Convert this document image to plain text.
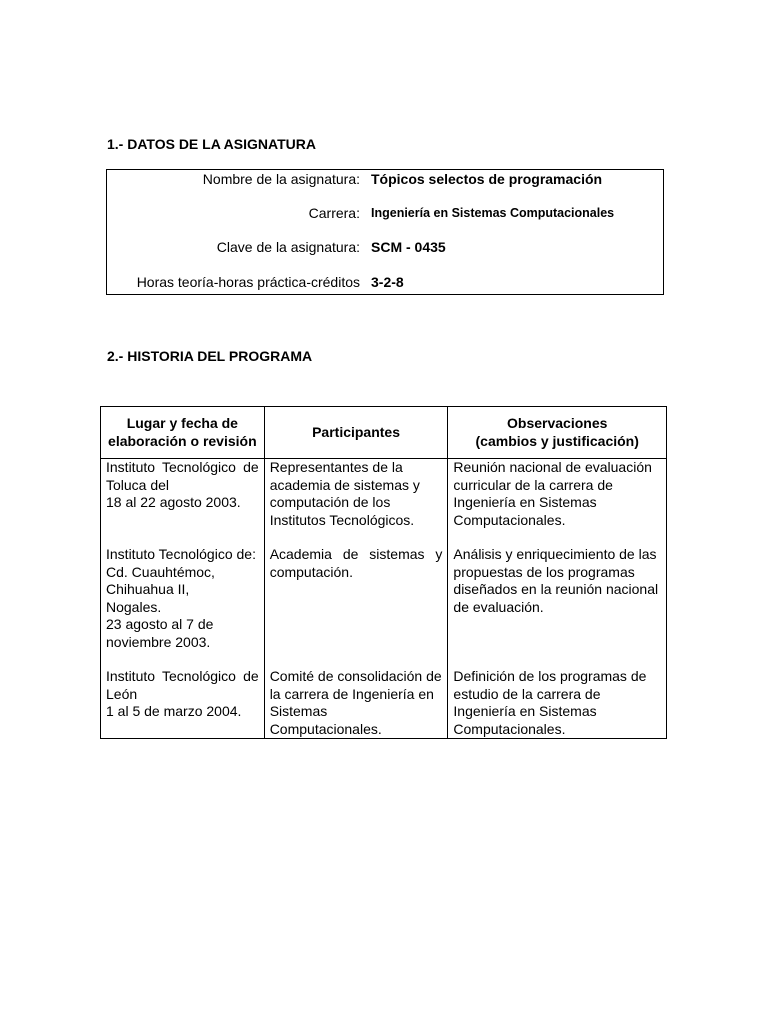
1.- DATOS DE LA ASIGNATURA
Nombre de la asignatura: Tópicos selectos de programación
Carrera: Ingeniería en Sistemas Computacionales
Clave de la asignatura: SCM - 0435
Horas teoría-horas práctica-créditos 3-2-8
2.- HISTORIA DEL PROGRAMA
Lugar y fecha de elaboración o revisión	Participantes	Observaciones
(cambios y justificación)

Instituto Tecnológico de Toluca del
18 al 22 agosto 2003.	Representantes de la academia de sistemas y computación de los Institutos Tecnológicos.	Reunión nacional de evaluación curricular de la carrera de Ingeniería en Sistemas Computacionales.

Instituto Tecnológico de:
Cd. Cuauhtémoc,
Chihuahua II,
Nogales.
23 agosto al 7 de noviembre 2003.	Academia de sistemas y computación.	Análisis y enriquecimiento de las propuestas de los programas diseñados en la reunión nacional de evaluación.

Instituto Tecnológico de León
1 al 5 de marzo 2004.	Comité de consolidación de la carrera de Ingeniería en Sistemas Computacionales.	Definición de los programas de estudio de la carrera de Ingeniería en Sistemas Computacionales.
